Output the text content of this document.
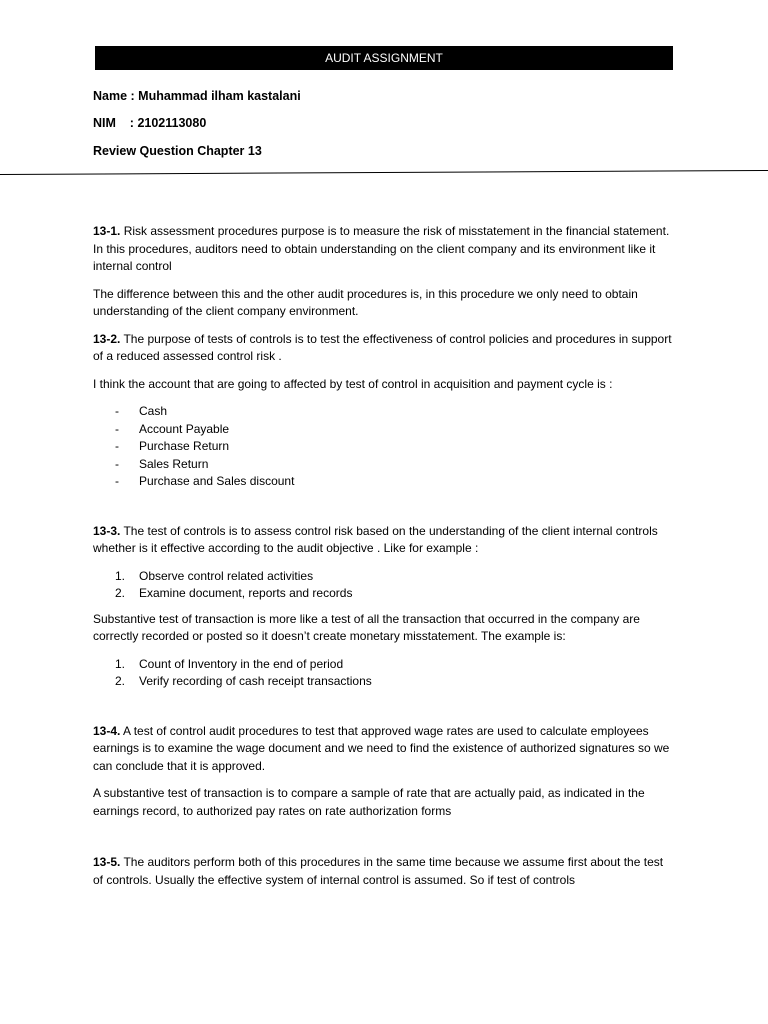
AUDIT ASSIGNMENT
Name : Muhammad ilham kastalani
NIM    : 2102113080
Review Question Chapter 13

13-1. Risk assessment procedures purpose is to measure the risk of misstatement in the financial statement. In this procedures, auditors need to obtain understanding on the client company and its environment like it internal control

The difference between this and the other audit procedures is, in this procedure we only need to obtain understanding of the client company environment.

13-2. The purpose of tests of controls is to test the effectiveness of control policies and procedures in support of a reduced assessed control risk .

I think the account that are going to affected by test of control in acquisition and payment cycle is :

- Cash
- Account Payable
- Purchase Return
- Sales Return
- Purchase and Sales discount

13-3. The test of controls is to assess control risk based on the understanding of the client internal controls whether is it effective according to the audit objective . Like for example :

1. Observe control related activities
2. Examine document, reports and records

Substantive test of transaction is more like a test of all the transaction that occurred in the company are correctly recorded or posted so it doesn’t create monetary misstatement. The example is:

1. Count of Inventory in the end of period
2. Verify recording of cash receipt transactions

13-4. A test of control audit procedures to test that approved wage rates are used to calculate employees earnings is to examine the wage document and we need to find the existence of authorized signatures so we can conclude that it is approved.

A substantive test of transaction is to compare a sample of rate that are actually paid, as indicated in the earnings record, to authorized pay rates on rate authorization forms

13-5. The auditors perform both of this procedures in the same time because we assume first about the test of controls. Usually the effective system of internal control is assumed. So if test of controls
